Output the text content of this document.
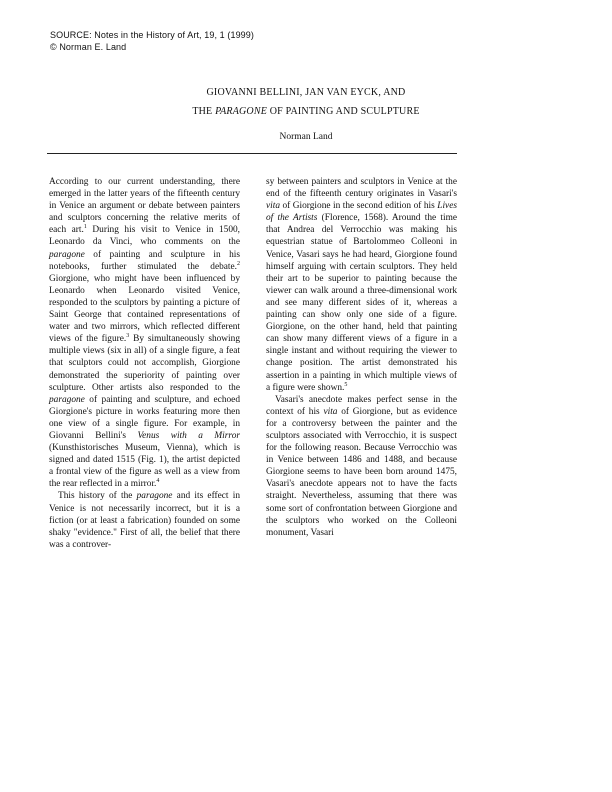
SOURCE: Notes in the History of Art, 19, 1 (1999)
© Norman E. Land
GIOVANNI BELLINI, JAN VAN EYCK, AND
THE PARAGONE OF PAINTING AND SCULPTURE
Norman Land

According to our current understanding, there emerged in the latter years of the fifteenth century in Venice an argument or debate between painters and sculptors concerning the relative merits of each art.$^1$ During his visit to Venice in 1500, Leonardo da Vinci, who comments on the paragone of painting and sculpture in his notebooks, further stimulated the debate.$^2$ Giorgione, who might have been influenced by Leonardo when Leonardo visited Venice, responded to the sculptors by painting a picture of Saint George that contained representations of water and two mirrors, which reflected different views of the figure.$^3$ By simultaneously showing multiple views (six in all) of a single figure, a feat that sculptors could not accomplish, Giorgione demonstrated the superiority of painting over sculpture. Other artists also responded to the paragone of painting and sculpture, and echoed Giorgione's picture in works featuring more then one view of a single figure. For example, in Giovanni Bellini's Venus with a Mirror (Kunsthistorisches Museum, Vienna), which is signed and dated 1515 (Fig. 1), the artist depicted a frontal view of the figure as well as a view from the rear reflected in a mirror.$^4$

This history of the paragone and its effect in Venice is not necessarily incorrect, but it is a fiction (or at least a fabrication) founded on some shaky "evidence." First of all, the belief that there was a controver-

sy between painters and sculptors in Venice at the end of the fifteenth century originates in Vasari's vita of Giorgione in the second edition of his Lives of the Artists (Florence, 1568). Around the time that Andrea del Verrocchio was making his equestrian statue of Bartolommeo Colleoni in Venice, Vasari says he had heard, Giorgione found himself arguing with certain sculptors. They held their art to be superior to painting because the viewer can walk around a three-dimensional work and see many different sides of it, whereas a painting can show only one side of a figure. Giorgione, on the other hand, held that painting can show many different views of a figure in a single instant and without requiring the viewer to change position. The artist demonstrated his assertion in a painting in which multiple views of a figure were shown.$^5$

Vasari's anecdote makes perfect sense in the context of his vita of Giorgione, but as evidence for a controversy between the painter and the sculptors associated with Verrocchio, it is suspect for the following reason. Because Verrocchio was in Venice between 1486 and 1488, and because Giorgione seems to have been born around 1475, Vasari's anecdote appears not to have the facts straight. Nevertheless, assuming that there was some sort of confrontation between Giorgione and the sculptors who worked on the Colleoni monument, Vasari
